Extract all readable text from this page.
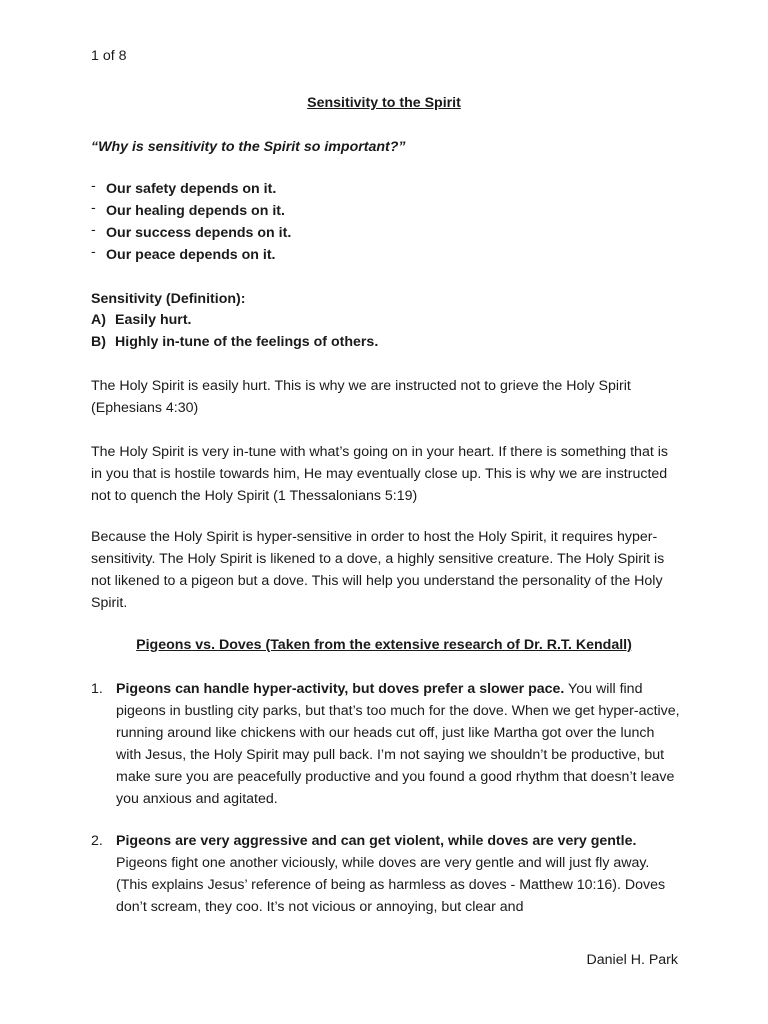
1 of 8
Sensitivity to the Spirit
“Why is sensitivity to the Spirit so important?”
- Our safety depends on it.
- Our healing depends on it.
- Our success depends on it.
- Our peace depends on it.
Sensitivity (Definition):
A) Easily hurt.
B) Highly in-tune of the feelings of others.
The Holy Spirit is easily hurt. This is why we are instructed not to grieve the Holy Spirit (Ephesians 4:30)
The Holy Spirit is very in-tune with what’s going on in your heart. If there is something that is in you that is hostile towards him, He may eventually close up. This is why we are instructed not to quench the Holy Spirit (1 Thessalonians 5:19)
Because the Holy Spirit is hyper-sensitive in order to host the Holy Spirit, it requires hyper-sensitivity. The Holy Spirit is likened to a dove, a highly sensitive creature. The Holy Spirit is not likened to a pigeon but a dove. This will help you understand the personality of the Holy Spirit.
Pigeons vs. Doves (Taken from the extensive research of Dr. R.T. Kendall)
1. Pigeons can handle hyper-activity, but doves prefer a slower pace. You will find pigeons in bustling city parks, but that’s too much for the dove. When we get hyper-active, running around like chickens with our heads cut off, just like Martha got over the lunch with Jesus, the Holy Spirit may pull back. I’m not saying we shouldn’t be productive, but make sure you are peacefully productive and you found a good rhythm that doesn’t leave you anxious and agitated.
2. Pigeons are very aggressive and can get violent, while doves are very gentle. Pigeons fight one another viciously, while doves are very gentle and will just fly away. (This explains Jesus’ reference of being as harmless as doves - Matthew 10:16). Doves don’t scream, they coo. It’s not vicious or annoying, but clear and
Daniel H. Park
